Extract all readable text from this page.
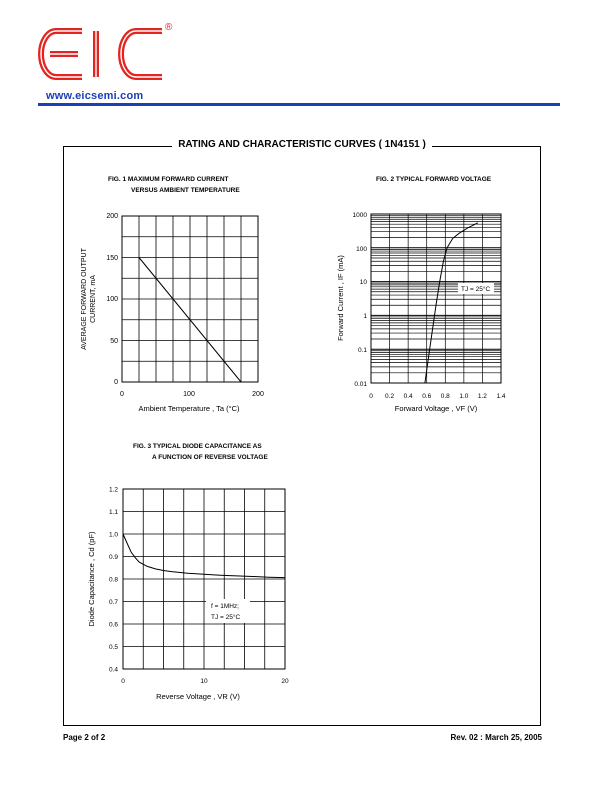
®
www.eicsemi.com
RATING AND CHARACTERISTIC CURVES ( 1N4151 )
FIG. 1 MAXIMUM FORWARD CURRENT
VERSUS AMBIENT TEMPERATURE
FIG. 2 TYPICAL FORWARD VOLTAGE
FIG. 3 TYPICAL DIODE CAPACITANCE AS
A FUNCTION OF REVERSE VOLTAGE
0
50
100
150
200
0	100	200
Ambient Temperature , Ta (°C)
AVERAGE FORWARD OUTPUT CURRENT, mA	TJ = 25°C
0.01
0.1
1
10
100
1000
0 0.2 0.4 0.6 0.8 1.0 1.2 1.4
Forward Voltage , VF (V)
Forward Current , IF (mA)
f = 1MHz;
TJ = 25°C
0.4
0.5
0.6
0.7
0.8
0.9
1.0
1.1
1.2
0	10	20
Reverse Voltage , VR (V)
Diode Capacitance , Cd (pF)
Page 2 of 2	Rev. 02 : March 25, 2005
